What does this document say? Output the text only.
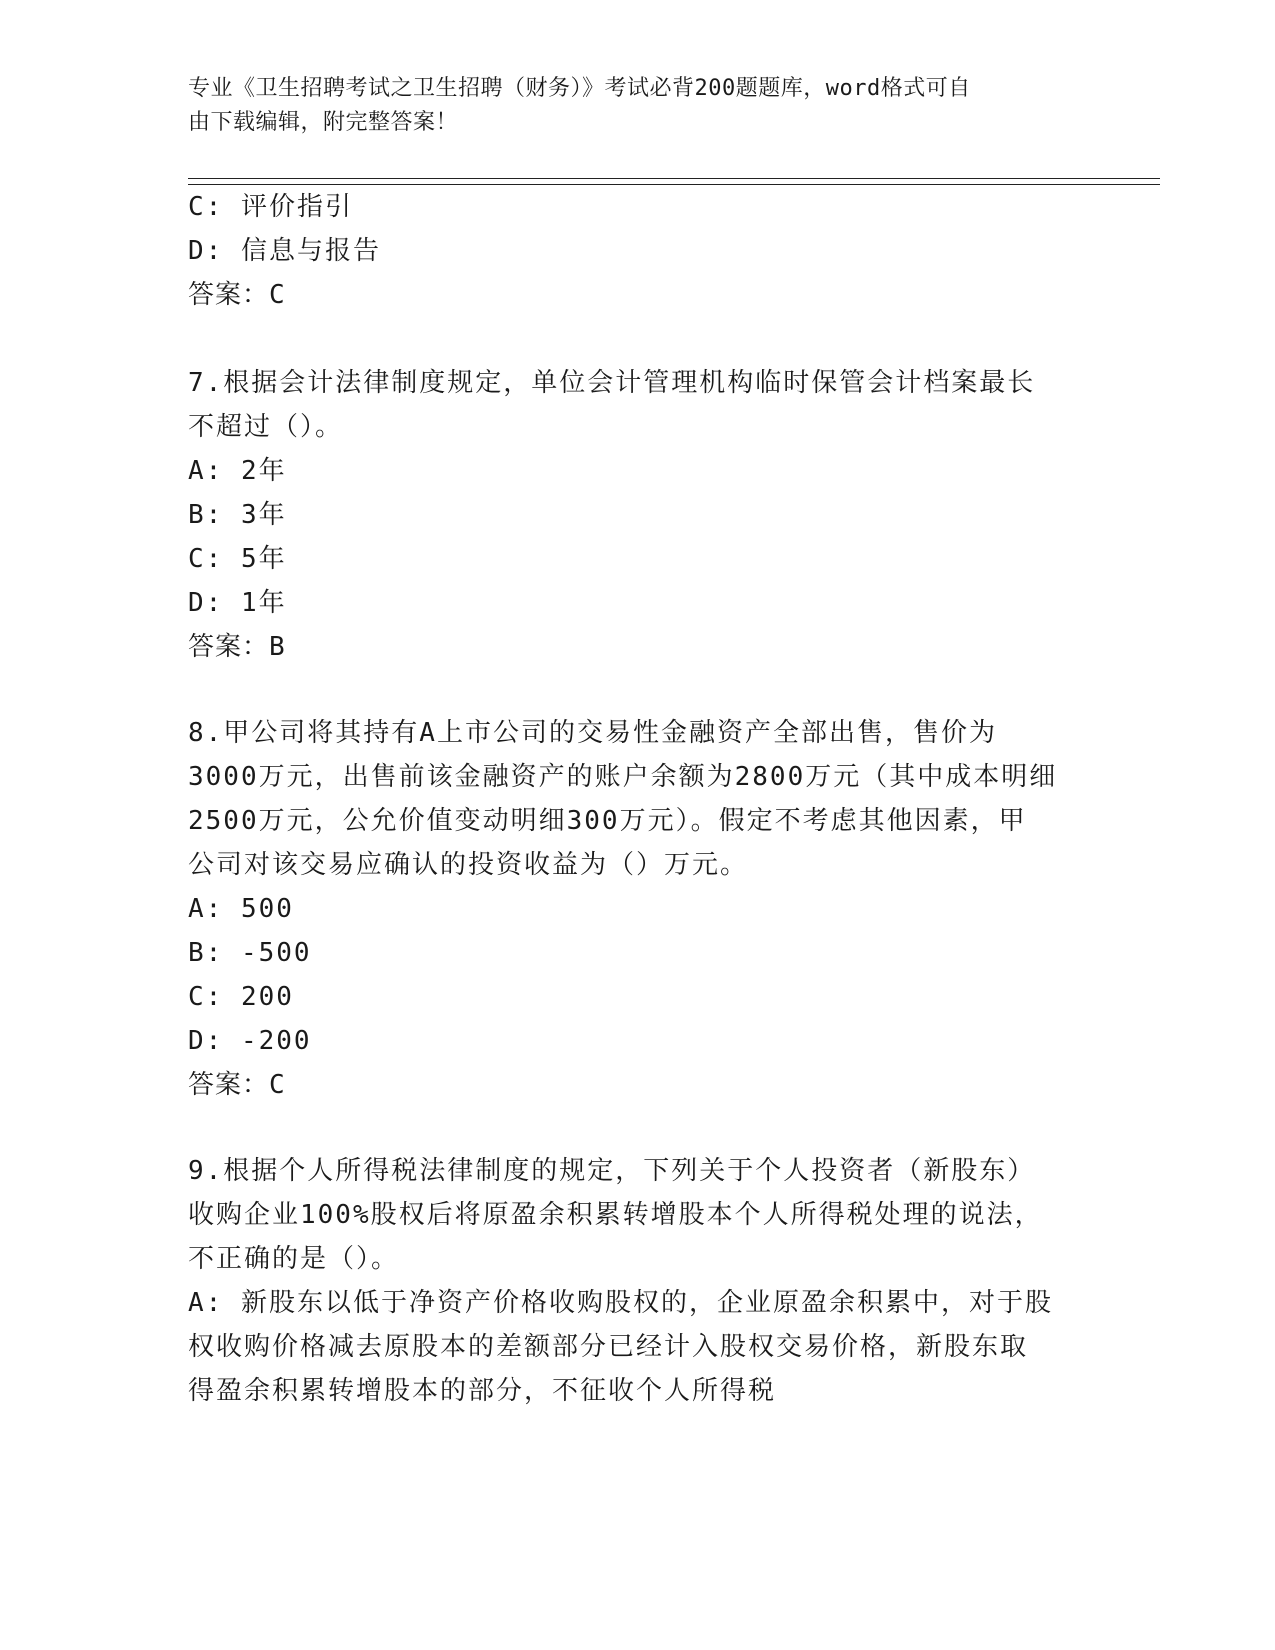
专业《卫生招聘考试之卫生招聘（财务）》考试必背200题题库，word格式可自
由下载编辑，附完整答案！
C: 评价指引
D: 信息与报告
答案：C
7.根据会计法律制度规定，单位会计管理机构临时保管会计档案最长
不超过（）。
A: 2年
B: 3年
C: 5年
D: 1年
答案：B
8.甲公司将其持有A上市公司的交易性金融资产全部出售，售价为
3000万元，出售前该金融资产的账户余额为2800万元（其中成本明细
2500万元，公允价值变动明细300万元）。假定不考虑其他因素，甲
公司对该交易应确认的投资收益为（）万元。
A: 500
B: -500
C: 200
D: -200
答案：C
9.根据个人所得税法律制度的规定，下列关于个人投资者（新股东）
收购企业100%股权后将原盈余积累转增股本个人所得税处理的说法，
不正确的是（）。
A: 新股东以低于净资产价格收购股权的，企业原盈余积累中，对于股
权收购价格减去原股本的差额部分已经计入股权交易价格，新股东取
得盈余积累转增股本的部分，不征收个人所得税
